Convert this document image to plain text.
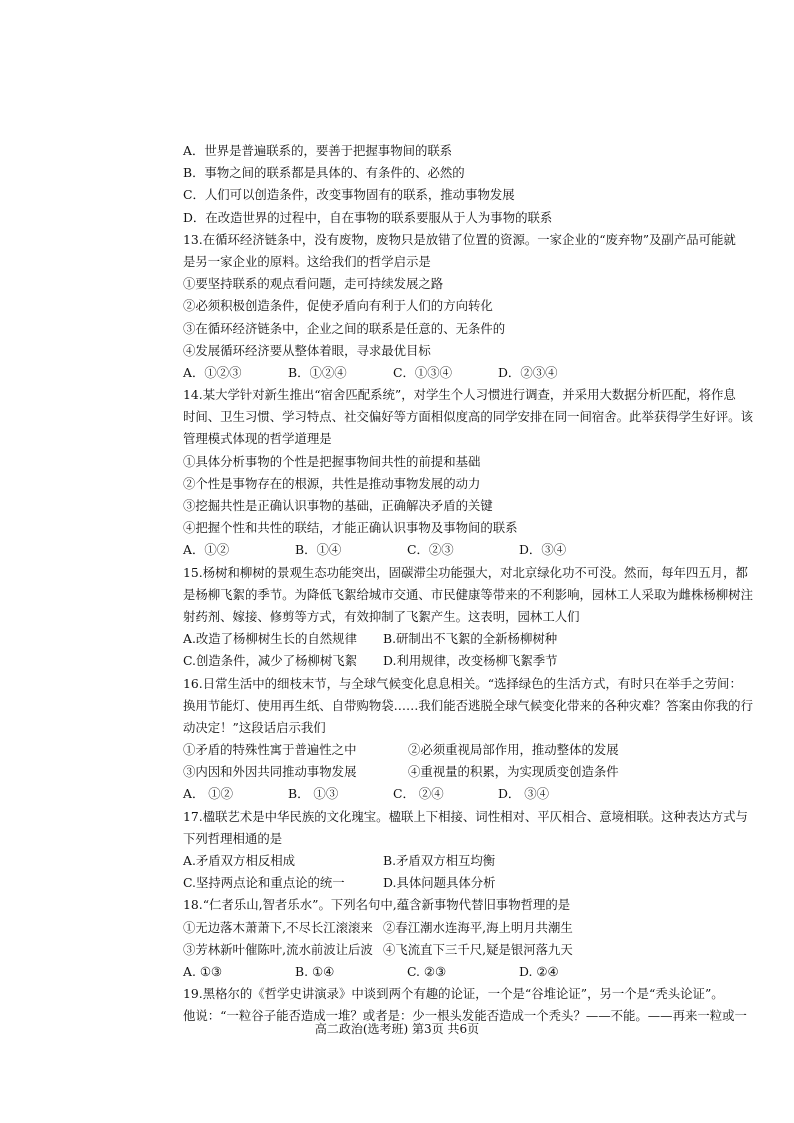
A．世界是普遍联系的，要善于把握事物间的联系
B．事物之间的联系都是具体的、有条件的、必然的
C．人们可以创造条件，改变事物固有的联系，推动事物发展
D．在改造世界的过程中，自在事物的联系要服从于人为事物的联系
13.在循环经济链条中，没有废物，废物只是放错了位置的资源。一家企业的“废弃物”及副产品可能就
是另一家企业的原料。这给我们的哲学启示是
①要坚持联系的观点看问题，走可持续发展之路
②必须积极创造条件，促使矛盾向有利于人们的方向转化
③在循环经济链条中，企业之间的联系是任意的、无条件的
④发展循环经济要从整体着眼，寻求最优目标
A．①②③	B．①②④	C．①③④	D．②③④
14.某大学针对新生推出“宿舍匹配系统”，对学生个人习惯进行调查，并采用大数据分析匹配，将作息
时间、卫生习惯、学习特点、社交偏好等方面相似度高的同学安排在同一间宿舍。此举获得学生好评。该
管理模式体现的哲学道理是
①具体分析事物的个性是把握事物间共性的前提和基础
②个性是事物存在的根源，共性是推动事物发展的动力
③挖掘共性是正确认识事物的基础，正确解决矛盾的关键
④把握个性和共性的联结，才能正确认识事物及事物间的联系
A．①②	B．①④	C．②③	D．③④
15.杨树和柳树的景观生态功能突出，固碳滞尘功能强大，对北京绿化功不可没。然而，每年四五月，都
是杨柳飞絮的季节。为降低飞絮给城市交通、市民健康等带来的不利影响，园林工人采取为雌株杨柳树注
射药剂、嫁接、修剪等方式，有效抑制了飞絮产生。这表明，园林工人们
A.改造了杨柳树生长的自然规律	B.研制出不飞絮的全新杨柳树种
C.创造条件，减少了杨柳树飞絮	D.利用规律，改变杨柳飞絮季节
16.日常生活中的细枝末节，与全球气候变化息息相关。“选择绿色的生活方式，有时只在举手之劳间：
换用节能灯、使用再生纸、自带购物袋……我们能否逃脱全球气候变化带来的各种灾难？答案由你我的行
动决定！”这段话启示我们
①矛盾的特殊性寓于普遍性之中	②必须重视局部作用，推动整体的发展
③内因和外因共同推动事物发展	④重视量的积累，为实现质变创造条件
A． ①②	B． ①③	C． ②④	D． ③④
17.楹联艺术是中华民族的文化瑰宝。楹联上下相接、词性相对、平仄相合、意境相联。这种表达方式与
下列哲理相通的是
A.矛盾双方相反相成	B.矛盾双方相互均衡
C.坚持两点论和重点论的统一	D.具体问题具体分析
18.“仁者乐山,智者乐水”。下列名句中,蕴含新事物代替旧事物哲理的是
①无边落木萧萧下,不尽长江滚滚来 ②春江潮水连海平,海上明月共潮生
③芳林新叶催陈叶,流水前波让后波 ④飞流直下三千尺,疑是银河落九天
A. ①③	B. ①④	C. ②③	D. ②④
19.黑格尔的《哲学史讲演录》中谈到两个有趣的论证，一个是“谷堆论证”，另一个是“秃头论证”。
他说：“一粒谷子能否造成一堆？或者是：少一根头发能否造成一个秃头？——不能。——再来一粒或一
高二政治(选考班) 第3页 共6页
